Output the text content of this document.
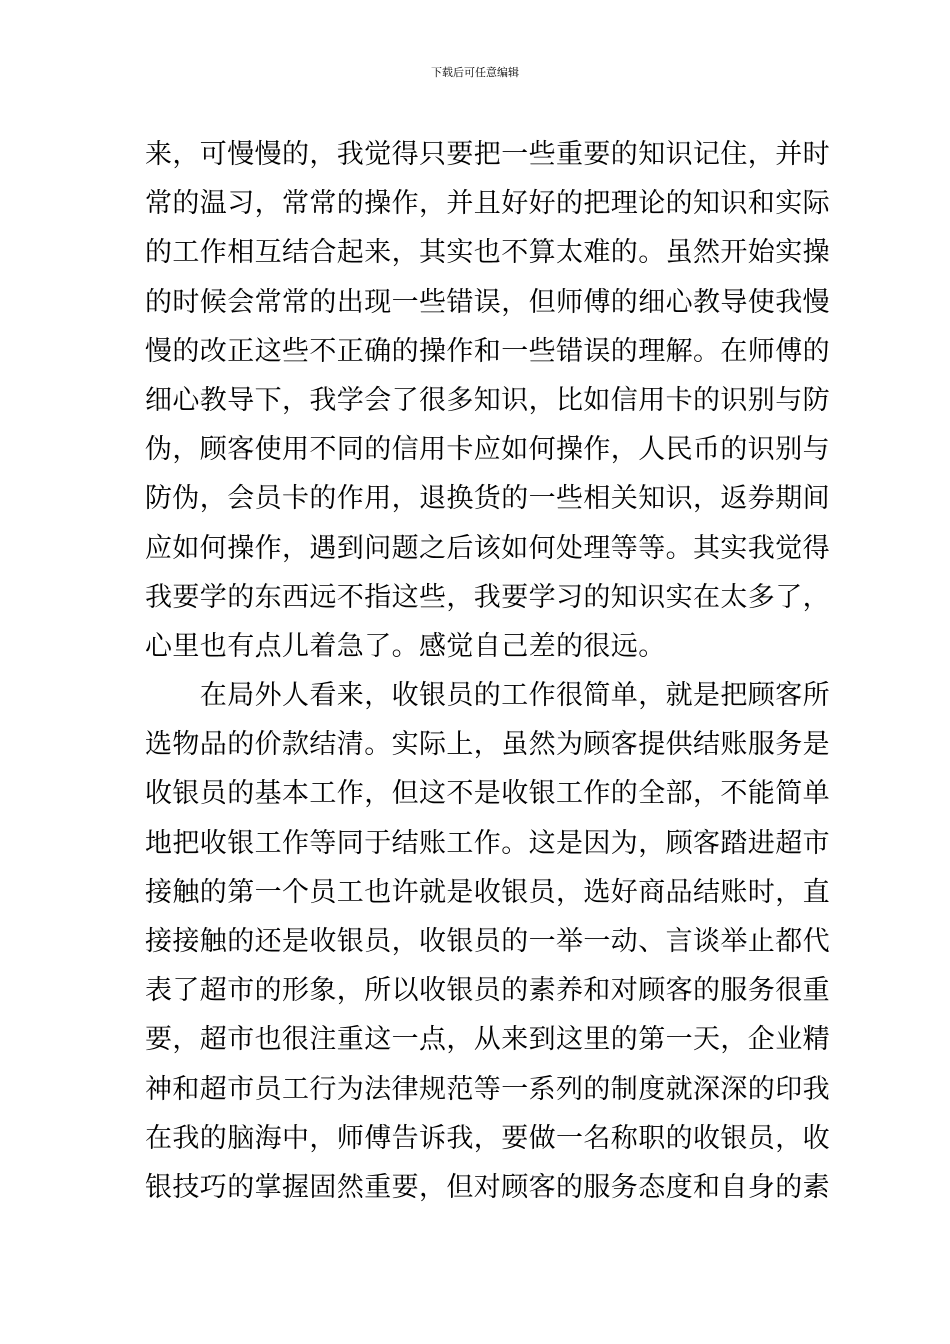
下载后可任意编辑
来，可慢慢的，我觉得只要把一些重要的知识记住，并时
常的温习，常常的操作，并且好好的把理论的知识和实际
的工作相互结合起来，其实也不算太难的。虽然开始实操
的时候会常常的出现一些错误，但师傅的细心教导使我慢
慢的改正这些不正确的操作和一些错误的理解。在师傅的
细心教导下，我学会了很多知识，比如信用卡的识别与防
伪，顾客使用不同的信用卡应如何操作，人民币的识别与
防伪，会员卡的作用，退换货的一些相关知识，返券期间
应如何操作，遇到问题之后该如何处理等等。其实我觉得
我要学的东西远不指这些，我要学习的知识实在太多了，
心里也有点儿着急了。感觉自己差的很远。
　　在局外人看来，收银员的工作很简单，就是把顾客所
选物品的价款结清。实际上，虽然为顾客提供结账服务是
收银员的基本工作，但这不是收银工作的全部，不能简单
地把收银工作等同于结账工作。这是因为，顾客踏进超市
接触的第一个员工也许就是收银员，选好商品结账时，直
接接触的还是收银员，收银员的一举一动、言谈举止都代
表了超市的形象，所以收银员的素养和对顾客的服务很重
要，超市也很注重这一点，从来到这里的第一天，企业精
神和超市员工行为法律规范等一系列的制度就深深的印我
在我的脑海中，师傅告诉我，要做一名称职的收银员，收
银技巧的掌握固然重要，但对顾客的服务态度和自身的素
